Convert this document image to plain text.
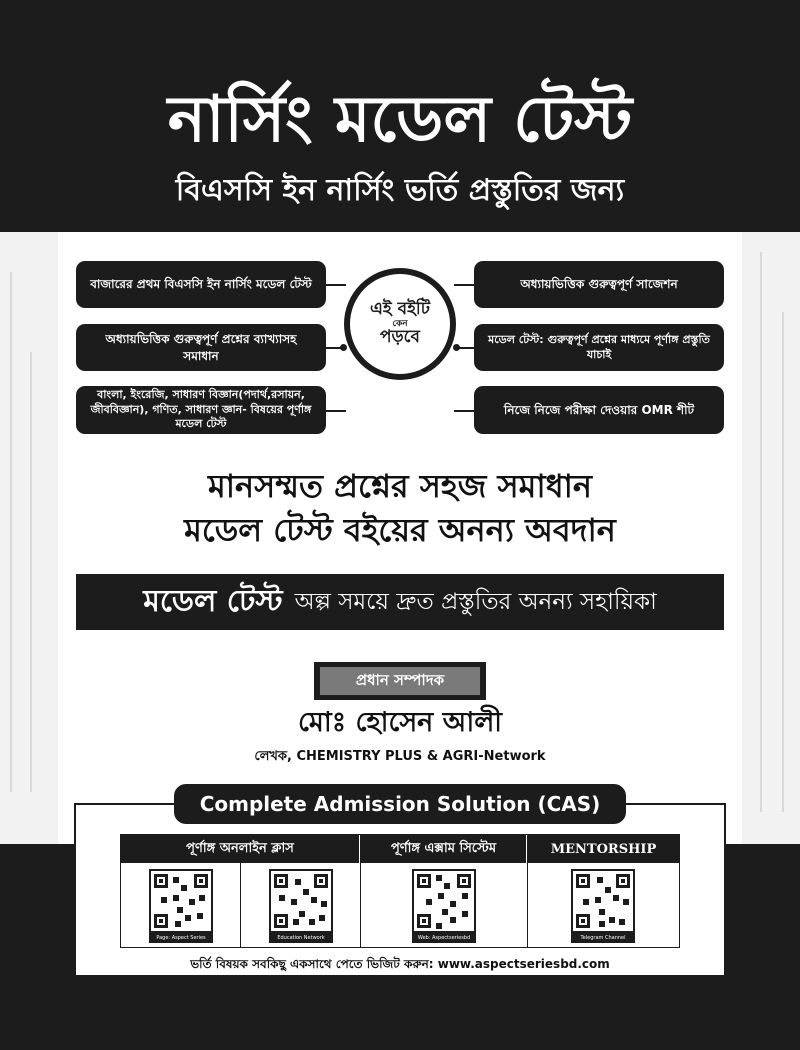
নার্সিং মডেল টেস্ট
বিএসসি ইন নার্সিং ভর্তি প্রস্তুতির জন্য
বাজারের প্রথম বিএসসি ইন নার্সিং মডেল টেস্ট
অধ্যায়ভিত্তিক গুরুত্বপূর্ণ প্রশ্নের ব্যাখ্যাসহ সমাধান
বাংলা, ইংরেজি, সাধারণ বিজ্ঞান(পদার্থ,রসায়ন, জীববিজ্ঞান), গণিত, সাধারণ জ্ঞান- বিষয়ের পূর্ণাঙ্গ মডেল টেস্ট
অধ্যায়ভিত্তিক গুরুত্বপূর্ণ সাজেশন
মডেল টেস্ট: গুরুত্বপূর্ণ প্রশ্নের মাধ্যমে পূর্ণাঙ্গ প্রস্তুতি যাচাই
নিজে নিজে পরীক্ষা দেওয়ার OMR শীট
এই বইটি
কেন
পড়বে
মানসম্মত প্রশ্নের সহজ সমাধান
মডেল টেস্ট বইয়ের অনন্য অবদান
মডেল টেস্ট অল্প সময়ে দ্রুত প্রস্তুতির অনন্য সহায়িকা
প্রধান সম্পাদক
মোঃ হোসেন আলী
লেখক, CHEMISTRY PLUS & AGRI-Network
Complete Admission Solution (CAS)
পূর্ণাঙ্গ অনলাইন ক্লাস	পূর্ণাঙ্গ এক্সাম সিস্টেম	MENTORSHIP
Page: Aspect Series	Education Network	Web: Aspectseriesbd	Telegram Channel
ভর্তি বিষয়ক সবকিছু একসাথে পেতে ভিজিট করুন: www.aspectseriesbd.com
